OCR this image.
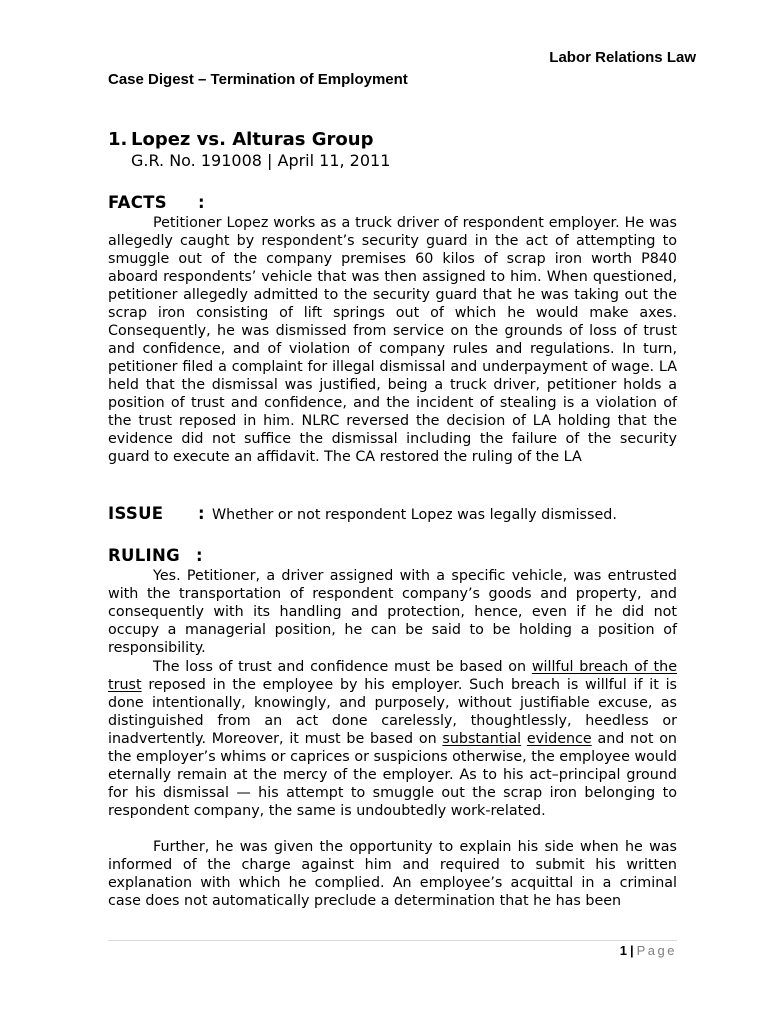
Labor Relations Law
Case Digest – Termination of Employment
1. Lopez vs. Alturas Group
G.R. No. 191008 | April 11, 2011
FACTS :

Petitioner Lopez works as a truck driver of respondent employer. He was allegedly caught by respondent’s security guard in the act of attempting to smuggle out of the company premises 60 kilos of scrap iron worth P840 aboard respondents’ vehicle that was then assigned to him. When questioned, petitioner allegedly admitted to the security guard that he was taking out the scrap iron consisting of lift springs out of which he would make axes. Consequently, he was dismissed from service on the grounds of loss of trust and confidence, and of violation of company rules and regulations. In turn, petitioner filed a complaint for illegal dismissal and underpayment of wage. LA held that the dismissal was justified, being a truck driver, petitioner holds a position of trust and confidence, and the incident of stealing is a violation of the trust reposed in him. NLRC reversed the decision of LA holding that the evidence did not suffice the dismissal including the failure of the security guard to execute an affidavit. The CA restored the ruling of the LA

ISSUE : Whether or not respondent Lopez was legally dismissed.
RULING :

Yes. Petitioner, a driver assigned with a specific vehicle, was entrusted with the transportation of respondent company’s goods and property, and consequently with its handling and protection, hence, even if he did not occupy a managerial position, he can be said to be holding a position of responsibility.

The loss of trust and confidence must be based on willful breach of the trust reposed in the employee by his employer. Such breach is willful if it is done intentionally, knowingly, and purposely, without justifiable excuse, as distinguished from an act done carelessly, thoughtlessly, heedless or inadvertently. Moreover, it must be based on substantial evidence and not on the employer’s whims or caprices or suspicions otherwise, the employee would eternally remain at the mercy of the employer. As to his act–principal ground for his dismissal — his attempt to smuggle out the scrap iron belonging to respondent company, the same is undoubtedly work-related.

Further, he was given the opportunity to explain his side when he was informed of the charge against him and required to submit his written explanation with which he complied. An employee’s acquittal in a criminal case does not automatically preclude a determination that he has been

1 | Page
